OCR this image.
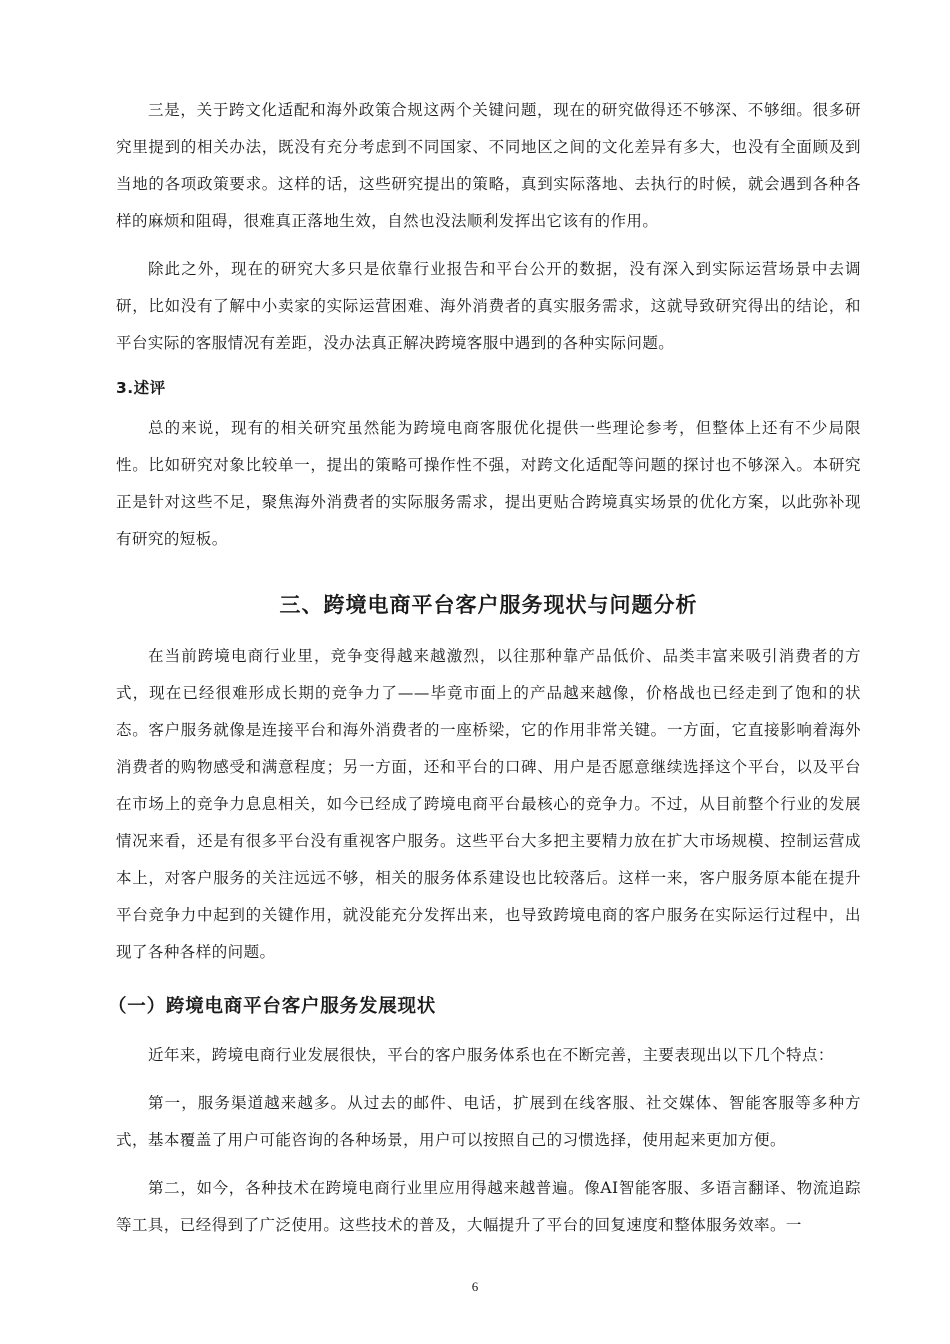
三是，关于跨文化适配和海外政策合规这两个关键问题，现在的研究做得还不够深、不够细。很多研究里提到的相关办法，既没有充分考虑到不同国家、不同地区之间的文化差异有多大，也没有全面顾及到当地的各项政策要求。这样的话，这些研究提出的策略，真到实际落地、去执行的时候，就会遇到各种各样的麻烦和阻碍，很难真正落地生效，自然也没法顺利发挥出它该有的作用。

除此之外，现在的研究大多只是依靠行业报告和平台公开的数据，没有深入到实际运营场景中去调研，比如没有了解中小卖家的实际运营困难、海外消费者的真实服务需求，这就导致研究得出的结论，和平台实际的客服情况有差距，没办法真正解决跨境客服中遇到的各种实际问题。

3.述评

总的来说，现有的相关研究虽然能为跨境电商客服优化提供一些理论参考，但整体上还有不少局限性。比如研究对象比较单一，提出的策略可操作性不强，对跨文化适配等问题的探讨也不够深入。本研究正是针对这些不足，聚焦海外消费者的实际服务需求，提出更贴合跨境真实场景的优化方案，以此弥补现有研究的短板。

三、跨境电商平台客户服务现状与问题分析

在当前跨境电商行业里，竞争变得越来越激烈，以往那种靠产品低价、品类丰富来吸引消费者的方式，现在已经很难形成长期的竞争力了——毕竟市面上的产品越来越像，价格战也已经走到了饱和的状态。客户服务就像是连接平台和海外消费者的一座桥梁，它的作用非常关键。一方面，它直接影响着海外消费者的购物感受和满意程度；另一方面，还和平台的口碑、用户是否愿意继续选择这个平台，以及平台在市场上的竞争力息息相关，如今已经成了跨境电商平台最核心的竞争力。不过，从目前整个行业的发展情况来看，还是有很多平台没有重视客户服务。这些平台大多把主要精力放在扩大市场规模、控制运营成本上，对客户服务的关注远远不够，相关的服务体系建设也比较落后。这样一来，客户服务原本能在提升平台竞争力中起到的关键作用，就没能充分发挥出来，也导致跨境电商的客户服务在实际运行过程中，出现了各种各样的问题。

（一）跨境电商平台客户服务发展现状

近年来，跨境电商行业发展很快，平台的客户服务体系也在不断完善，主要表现出以下几个特点：

第一，服务渠道越来越多。从过去的邮件、电话，扩展到在线客服、社交媒体、智能客服等多种方式，基本覆盖了用户可能咨询的各种场景，用户可以按照自己的习惯选择，使用起来更加方便。

第二，如今，各种技术在跨境电商行业里应用得越来越普遍。像AI智能客服、多语言翻译、物流追踪等工具，已经得到了广泛使用。这些技术的普及，大幅提升了平台的回复速度和整体服务效率。一

6
